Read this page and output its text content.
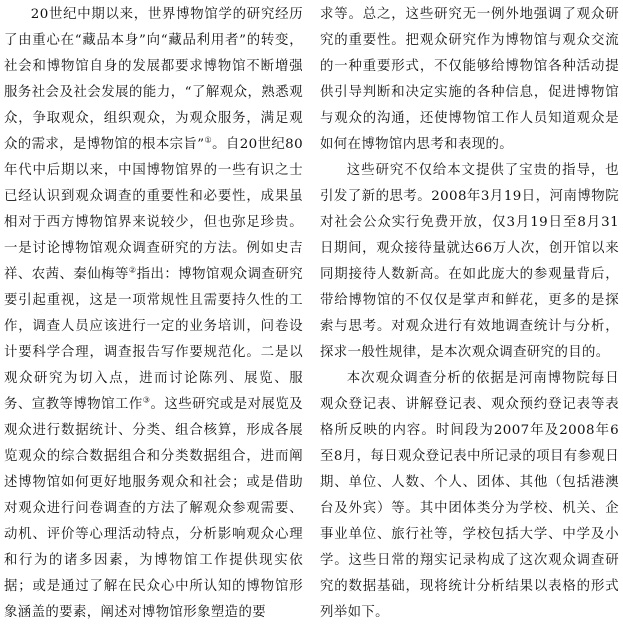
20世纪中期以来，世界博物馆学的研究经历了由重心在“藏品本身”向“藏品利用者”的转变，社会和博物馆自身的发展都要求博物馆不断增强服务社会及社会发展的能力，“了解观众，熟悉观众，争取观众，组织观众，为观众服务，满足观众的需求，是博物馆的根本宗旨”①。自20世纪80年代中后期以来，中国博物馆界的一些有识之士已经认识到观众调查的重要性和必要性，成果虽相对于西方博物馆界来说较少，但也弥足珍贵。一是讨论博物馆观众调查研究的方法。例如史吉祥、农茜、秦仙梅等②指出：博物馆观众调查研究要引起重视，这是一项常规性且需要持久性的工作，调查人员应该进行一定的业务培训，问卷设计要科学合理，调查报告写作要规范化。二是以观众研究为切入点，进而讨论陈列、展览、服务、宣教等博物馆工作③。这些研究或是对展览及观众进行数据统计、分类、组合核算，形成各展览观众的综合数据组合和分类数据组合，进而阐述博物馆如何更好地服务观众和社会；或是借助对观众进行问卷调查的方法了解观众参观需要、动机、评价等心理活动特点，分析影响观众心理和行为的诸多因素，为博物馆工作提供现实依据；或是通过了解在民众心中所认知的博物馆形象涵盖的要素，阐述对博物馆形象塑造的要

求等。总之，这些研究无一例外地强调了观众研究的重要性。把观众研究作为博物馆与观众交流的一种重要形式，不仅能够给博物馆各种活动提供引导判断和决定实施的各种信息，促进博物馆与观众的沟通，还使博物馆工作人员知道观众是如何在博物馆内思考和表现的。

这些研究不仅给本文提供了宝贵的指导，也引发了新的思考。2008年3月19日，河南博物院对社会公众实行免费开放，仅3月19日至8月31日期间，观众接待量就达66万人次，创开馆以来同期接待人数新高。在如此庞大的参观量背后，带给博物馆的不仅仅是掌声和鲜花，更多的是探索与思考。对观众进行有效地调查统计与分析，探求一般性规律，是本次观众调查研究的目的。

本次观众调查分析的依据是河南博物院每日观众登记表、讲解登记表、观众预约登记表等表格所反映的内容。时间段为2007年及2008年6至8月，每日观众登记表中所记录的项目有参观日期、单位、人数、个人、团体、其他（包括港澳台及外宾）等。其中团体类分为学校、机关、企事业单位、旅行社等，学校包括大学、中学及小学。这些日常的翔实记录构成了这次观众调查研究的数据基础，现将统计分析结果以表格的形式列举如下。
